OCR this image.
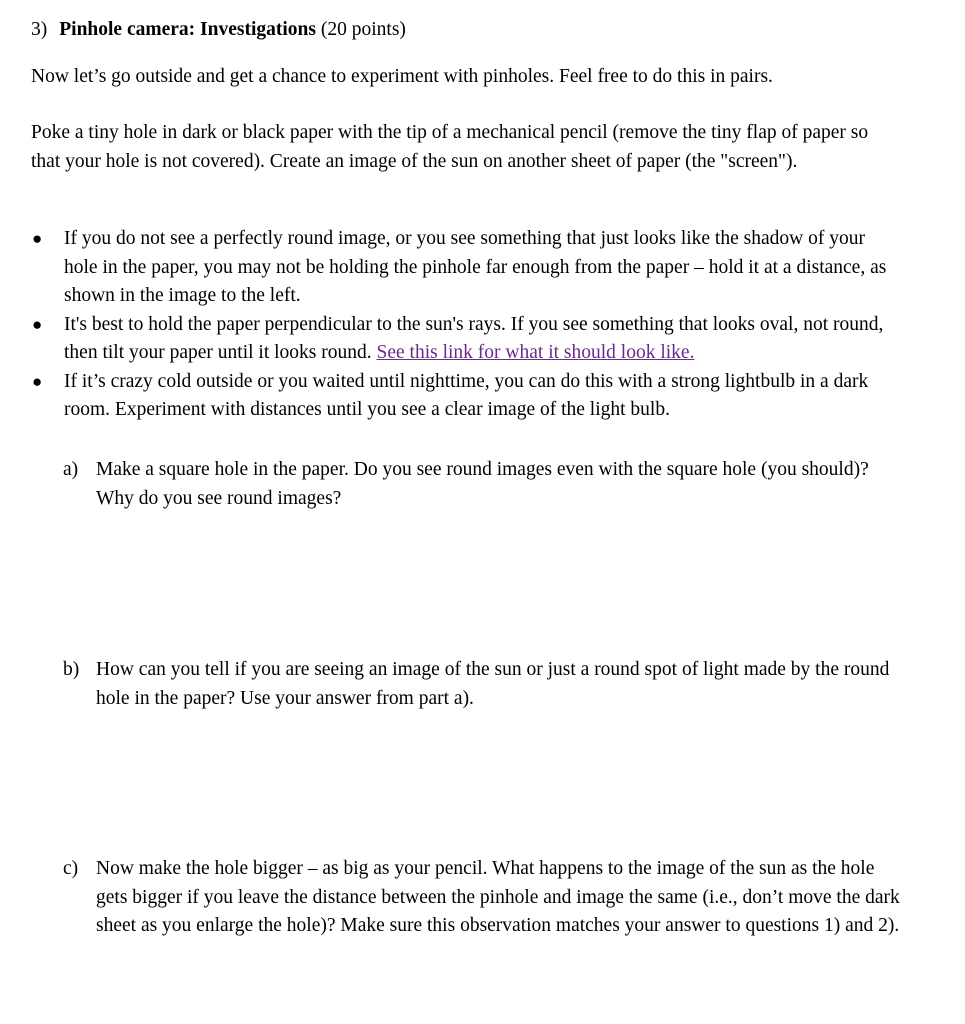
3) Pinhole camera: Investigations (20 points)
Now let’s go outside and get a chance to experiment with pinholes. Feel free to do this in pairs.
Poke a tiny hole in dark or black paper with the tip of a mechanical pencil (remove the tiny flap of paper so that your hole is not covered). Create an image of the sun on another sheet of paper (the "screen").
● If you do not see a perfectly round image, or you see something that just looks like the shadow of your hole in the paper, you may not be holding the pinhole far enough from the paper – hold it at a distance, as shown in the image to the left.
● It's best to hold the paper perpendicular to the sun's rays. If you see something that looks oval, not round, then tilt your paper until it looks round. See this link for what it should look like.
● If it’s crazy cold outside or you waited until nighttime, you can do this with a strong lightbulb in a dark room. Experiment with distances until you see a clear image of the light bulb.
a) Make a square hole in the paper. Do you see round images even with the square hole (you should)? Why do you see round images?
b) How can you tell if you are seeing an image of the sun or just a round spot of light made by the round hole in the paper? Use your answer from part a).
c) Now make the hole bigger – as big as your pencil. What happens to the image of the sun as the hole gets bigger if you leave the distance between the pinhole and image the same (i.e., don’t move the dark sheet as you enlarge the hole)? Make sure this observation matches your answer to questions 1) and 2).
